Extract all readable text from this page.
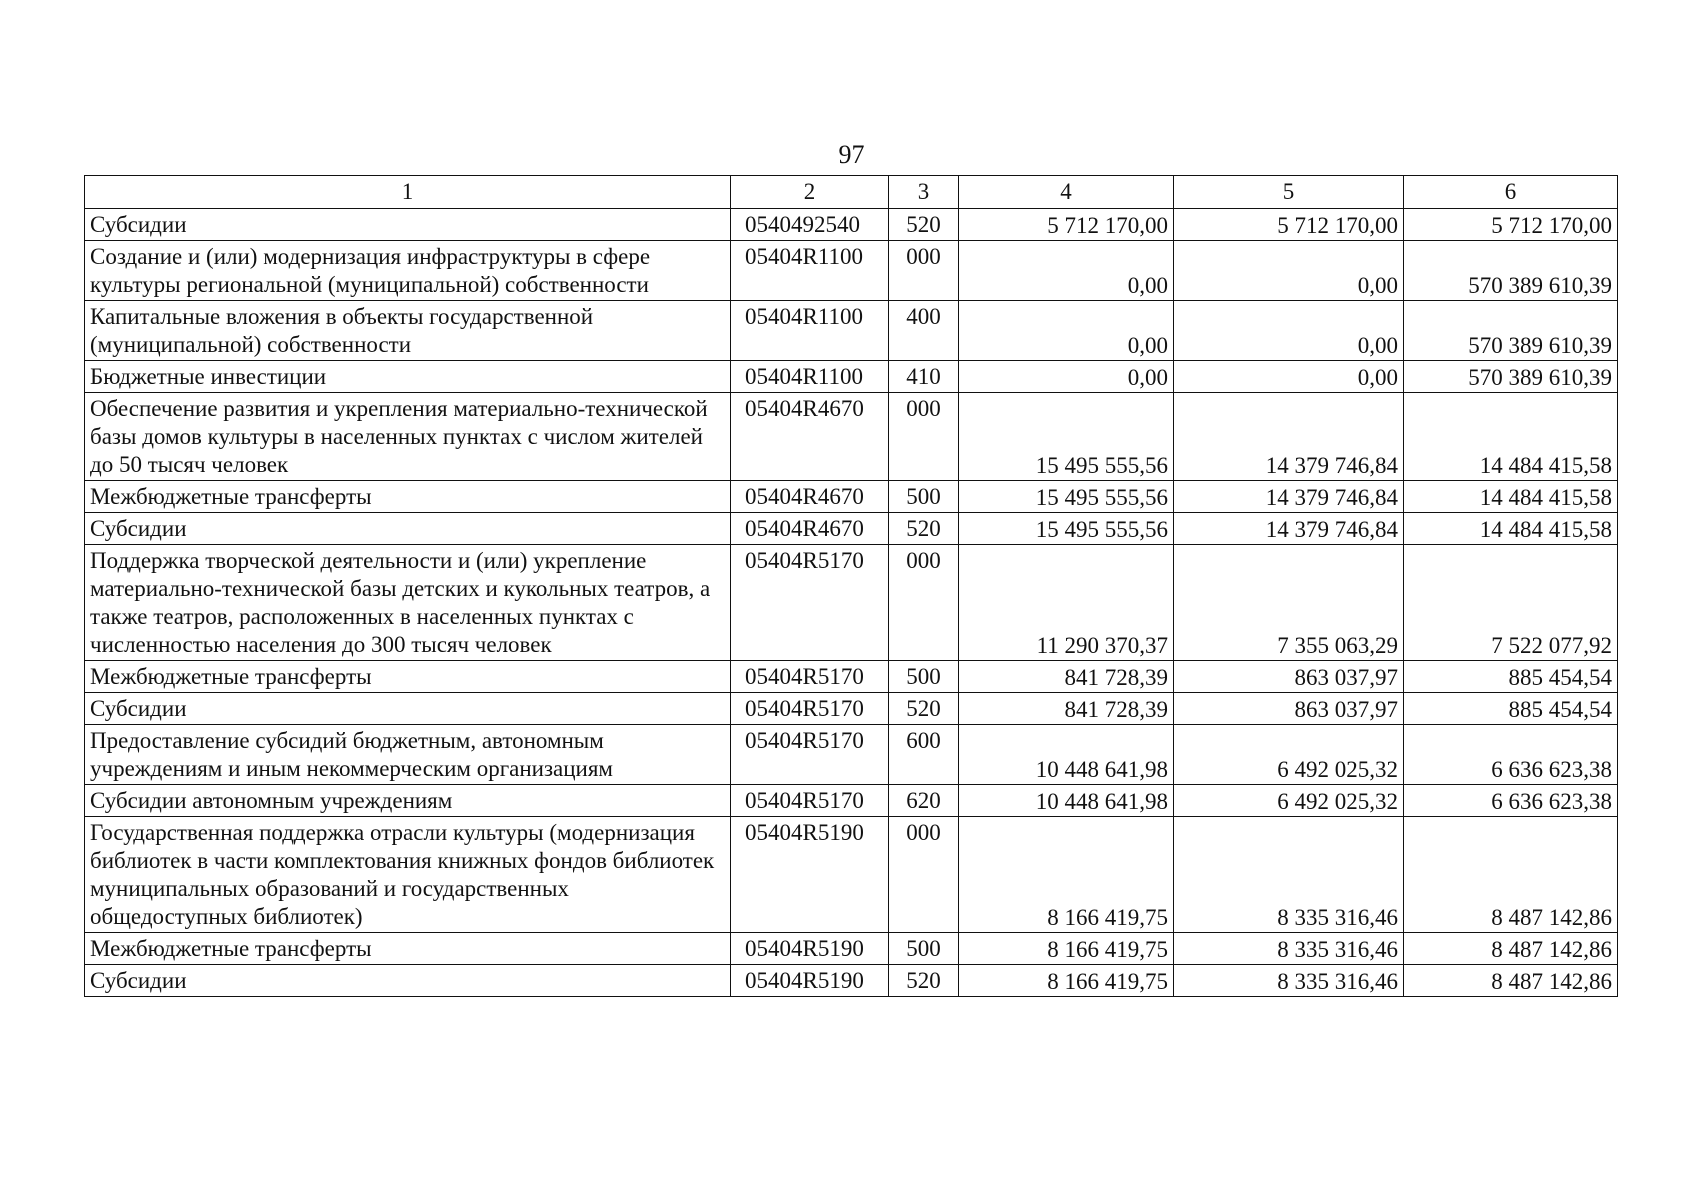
97
1	2	3	4	5	6
Субсидии	0540492540	520	5 712 170,00	5 712 170,00	5 712 170,00
Создание и (или) модернизация инфраструктуры в сфере культуры региональной (муниципальной) собственности	05404R1100	000	0,00	0,00	570 389 610,39
Капитальные вложения в объекты государственной (муниципальной) собственности	05404R1100	400	0,00	0,00	570 389 610,39
Бюджетные инвестиции	05404R1100	410	0,00	0,00	570 389 610,39
Обеспечение развития и укрепления материально-технической базы домов культуры в населенных пунктах с числом жителей до 50 тысяч человек	05404R4670	000	15 495 555,56	14 379 746,84	14 484 415,58
Межбюджетные трансферты	05404R4670	500	15 495 555,56	14 379 746,84	14 484 415,58
Субсидии	05404R4670	520	15 495 555,56	14 379 746,84	14 484 415,58
Поддержка творческой деятельности и (или) укрепление материально-технической базы детских и кукольных театров, а также театров, расположенных в населенных пунктах с численностью населения до 300 тысяч человек	05404R5170	000	11 290 370,37	7 355 063,29	7 522 077,92
Межбюджетные трансферты	05404R5170	500	841 728,39	863 037,97	885 454,54
Субсидии	05404R5170	520	841 728,39	863 037,97	885 454,54
Предоставление субсидий бюджетным, автономным учреждениям и иным некоммерческим организациям	05404R5170	600	10 448 641,98	6 492 025,32	6 636 623,38
Субсидии автономным учреждениям	05404R5170	620	10 448 641,98	6 492 025,32	6 636 623,38
Государственная поддержка отрасли культуры (модернизация библиотек в части комплектования книжных фондов библиотек муниципальных образований и государственных общедоступных библиотек)	05404R5190	000	8 166 419,75	8 335 316,46	8 487 142,86
Межбюджетные трансферты	05404R5190	500	8 166 419,75	8 335 316,46	8 487 142,86
Субсидии	05404R5190	520	8 166 419,75	8 335 316,46	8 487 142,86
